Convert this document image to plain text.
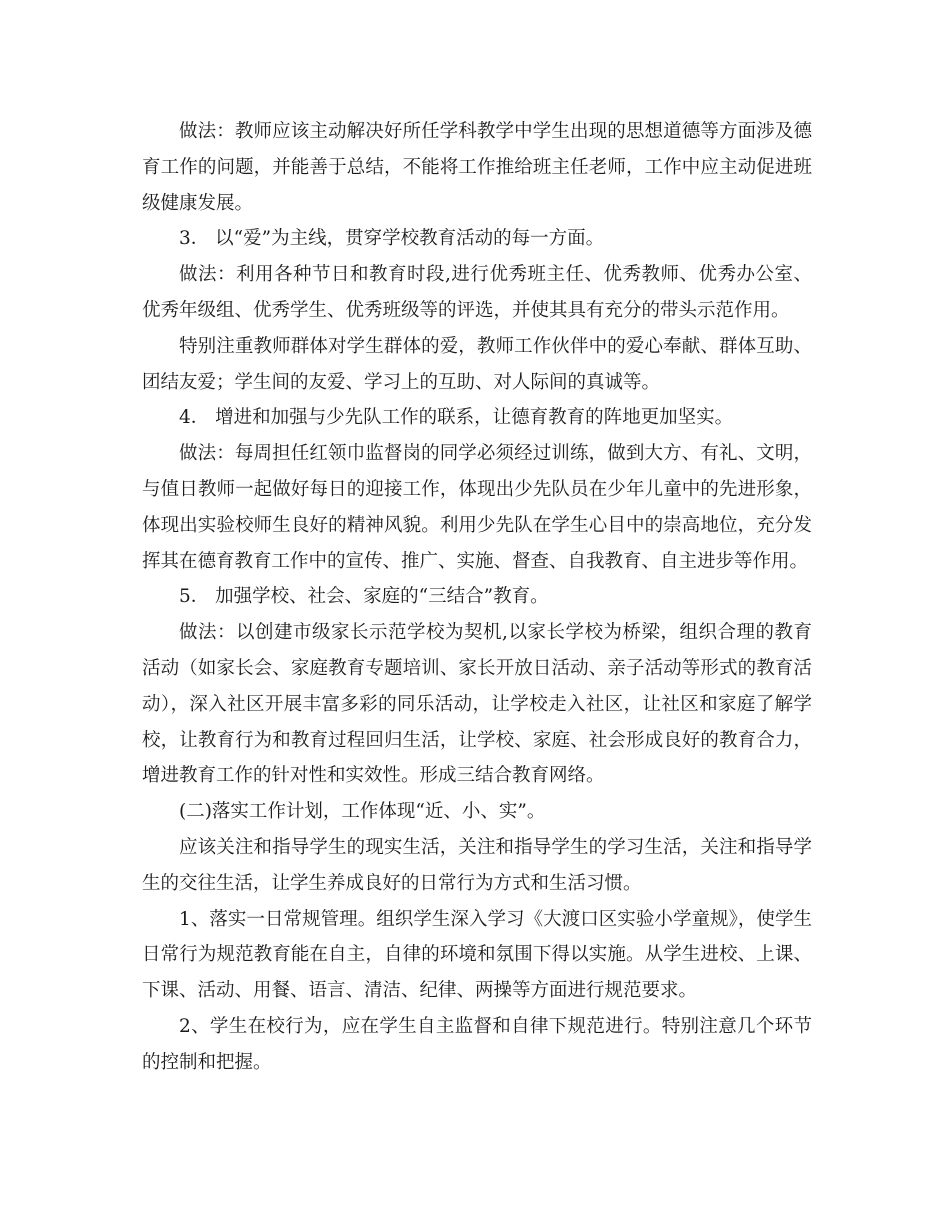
做法：教师应该主动解决好所任学科教学中学生出现的思想道德等方面涉及德育工作的问题，并能善于总结，不能将工作推给班主任老师，工作中应主动促进班级健康发展。

3． 以“爱”为主线，贯穿学校教育活动的每一方面。

做法：利用各种节日和教育时段,进行优秀班主任、优秀教师、优秀办公室、优秀年级组、优秀学生、优秀班级等的评选，并使其具有充分的带头示范作用。

特别注重教师群体对学生群体的爱，教师工作伙伴中的爱心奉献、群体互助、团结友爱；学生间的友爱、学习上的互助、对人际间的真诚等。

4． 增进和加强与少先队工作的联系，让德育教育的阵地更加坚实。

做法：每周担任红领巾监督岗的同学必须经过训练，做到大方、有礼、文明，与值日教师一起做好每日的迎接工作，体现出少先队员在少年儿童中的先进形象，体现出实验校师生良好的精神风貌。利用少先队在学生心目中的崇高地位，充分发挥其在德育教育工作中的宣传、推广、实施、督查、自我教育、自主进步等作用。

5． 加强学校、社会、家庭的“三结合”教育。

做法：以创建市级家长示范学校为契机,以家长学校为桥梁，组织合理的教育活动（如家长会、家庭教育专题培训、家长开放日活动、亲子活动等形式的教育活动），深入社区开展丰富多彩的同乐活动，让学校走入社区，让社区和家庭了解学校，让教育行为和教育过程回归生活，让学校、家庭、社会形成良好的教育合力，增进教育工作的针对性和实效性。形成三结合教育网络。

(二)落实工作计划，工作体现“近、小、实”。

应该关注和指导学生的现实生活，关注和指导学生的学习生活，关注和指导学生的交往生活，让学生养成良好的日常行为方式和生活习惯。

1、落实一日常规管理。组织学生深入学习《大渡口区实验小学童规》，使学生日常行为规范教育能在自主，自律的环境和氛围下得以实施。从学生进校、上课、下课、活动、用餐、语言、清洁、纪律、两操等方面进行规范要求。

2、学生在校行为，应在学生自主监督和自律下规范进行。特别注意几个环节的控制和把握。
